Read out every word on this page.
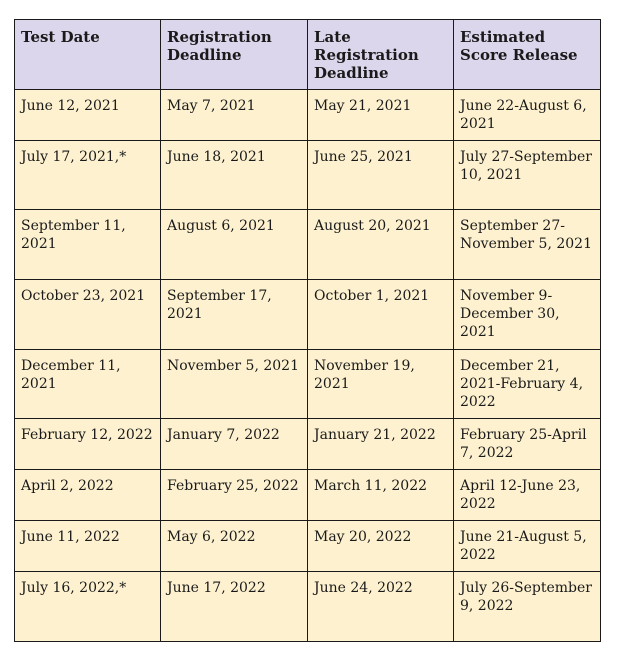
Test Date	Registration Deadline	Late Registration Deadline	Estimated Score Release
June 12, 2021	May 7, 2021	May 21, 2021	June 22-August 6, 2021
July 17, 2021,*	June 18, 2021	June 25, 2021	July 27-September 10, 2021
September 11, 2021	August 6, 2021	August 20, 2021	September 27-November 5, 2021
October 23, 2021	September 17, 2021	October 1, 2021	November 9-December 30, 2021
December 11, 2021	November 5, 2021	November 19, 2021	December 21, 2021-February 4, 2022
February 12, 2022	January 7, 2022	January 21, 2022	February 25-April 7, 2022
April 2, 2022	February 25, 2022	March 11, 2022	April 12-June 23, 2022
June 11, 2022	May 6, 2022	May 20, 2022	June 21-August 5, 2022
July 16, 2022,*	June 17, 2022	June 24, 2022	July 26-September 9, 2022
